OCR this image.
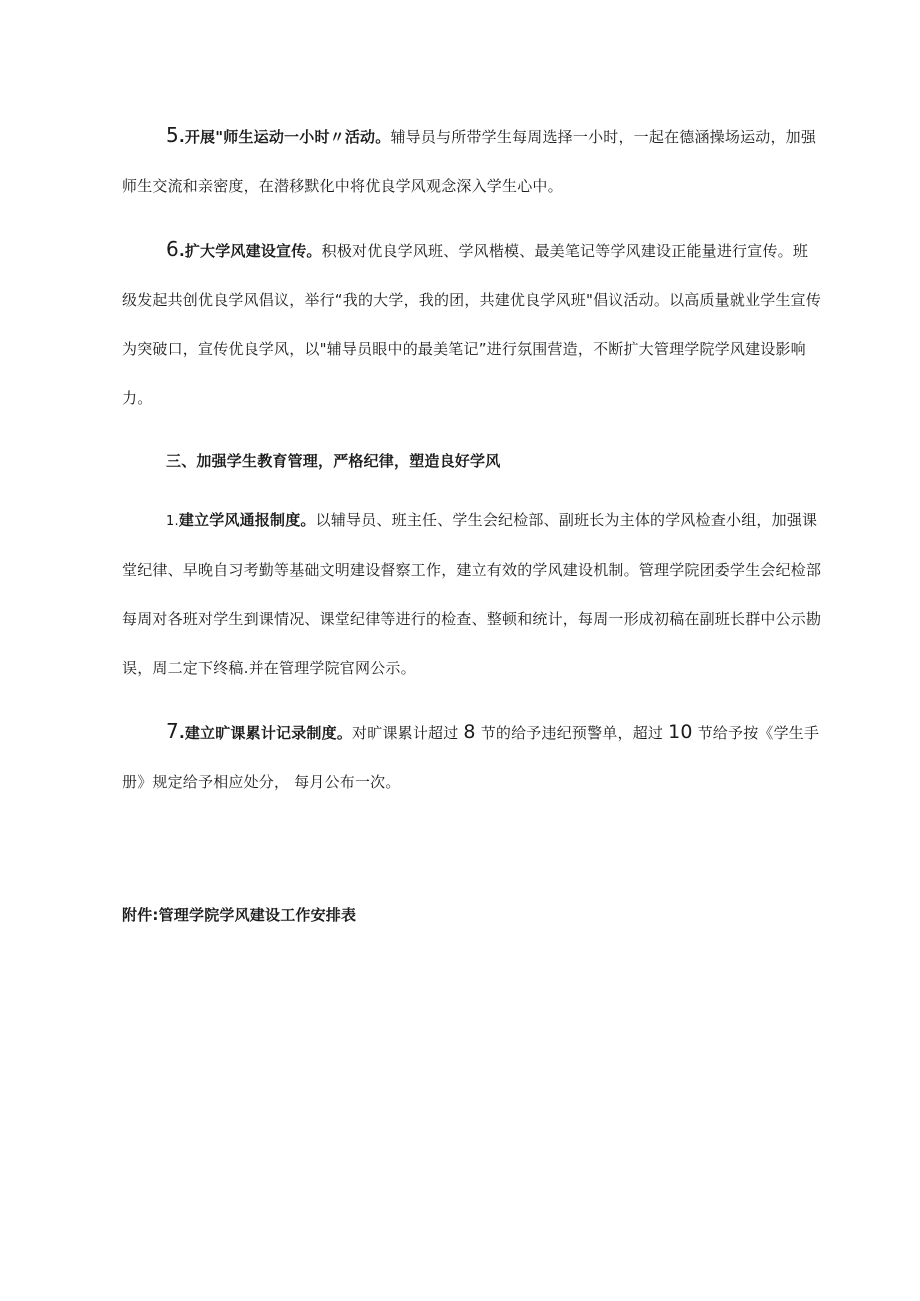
5.开展"师生运动一小时〃活动。辅导员与所带学生每周选择一小时，一起在德涵操场运动，加强师生交流和亲密度，在潜移默化中将优良学风观念深入学生心中。

6.扩大学风建设宣传。积极对优良学风班、学风楷模、最美笔记等学风建设正能量进行宣传。班级发起共创优良学风倡议，举行“我的大学，我的团，共建优良学风班"倡议活动。以高质量就业学生宣传为突破口，宣传优良学风，以"辅导员眼中的最美笔记”进行氛围营造，不断扩大管理学院学风建设影响力。

三、加强学生教育管理，严格纪律，塑造良好学风

1.建立学风通报制度。以辅导员、班主任、学生会纪检部、副班长为主体的学风检查小组，加强课堂纪律、早晚自习考勤等基础文明建设督察工作，建立有效的学风建设机制。管理学院团委学生会纪检部每周对各班对学生到课情况、课堂纪律等进行的检查、整顿和统计，每周一形成初稿在副班长群中公示勘误，周二定下终稿.并在管理学院官网公示。

7.建立旷课累计记录制度。对旷课累计超过 8 节的给予违纪预警单，超过 10 节给予按《学生手册》规定给予相应处分， 每月公布一次。

附件:管理学院学风建设工作安排表
